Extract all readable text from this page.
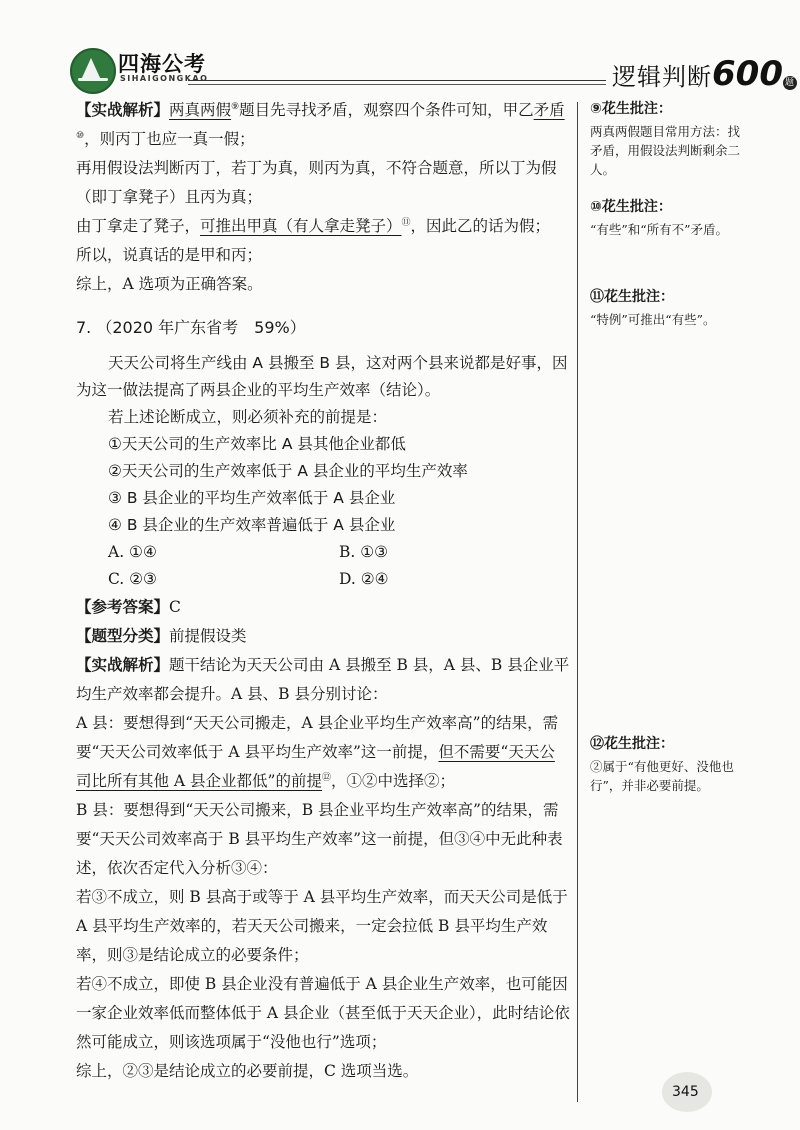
四海公考
SIHAIGONGKAO	逻辑判断600 题

【实战解析】两真两假⑨题目先寻找矛盾，观察四个条件可知，甲乙矛盾⑩，则丙丁也应一真一假；

再用假设法判断丙丁，若丁为真，则丙为真，不符合题意，所以丁为假（即丁拿凳子）且丙为真；

由丁拿走了凳子，可推出甲真（有人拿走凳子）⑪，因此乙的话为假；

所以，说真话的是甲和丙；

综上，A 选项为正确答案。

7. （2020 年广东省考　59%）

天天公司将生产线由 A 县搬至 B 县，这对两个县来说都是好事，因为这一做法提高了两县企业的平均生产效率（结论）。

若上述论断成立，则必须补充的前提是：

①天天公司的生产效率比 A 县其他企业都低

②天天公司的生产效率低于 A 县企业的平均生产效率

③ B 县企业的平均生产效率低于 A 县企业

④ B 县企业的生产效率普遍低于 A 县企业

A. ①④	B. ①③
C. ②③	D. ②④

【参考答案】C

【题型分类】前提假设类

【实战解析】题干结论为天天公司由 A 县搬至 B 县，A 县、B 县企业平均生产效率都会提升。A 县、B 县分别讨论：

A 县：要想得到“天天公司搬走，A 县企业平均生产效率高”的结果，需要“天天公司效率低于 A 县平均生产效率”这一前提，但不需要“天天公司比所有其他 A 县企业都低”的前提⑫，①②中选择②；

B 县：要想得到“天天公司搬来，B 县企业平均生产效率高”的结果，需要“天天公司效率高于 B 县平均生产效率”这一前提，但③④中无此种表述，依次否定代入分析③④：

若③不成立，则 B 县高于或等于 A 县平均生产效率，而天天公司是低于 A 县平均生产效率的，若天天公司搬来，一定会拉低 B 县平均生产效率，则③是结论成立的必要条件；

若④不成立，即使 B 县企业没有普遍低于 A 县企业生产效率，也可能因一家企业效率低而整体低于 A 县企业（甚至低于天天企业），此时结论依然可能成立，则该选项属于“没他也行”选项；

综上，②③是结论成立的必要前提，C 选项当选。

⑨花生批注：
两真两假题目常用方法：找矛盾，用假设法判断剩余二人。
⑩花生批注：
“有些”和“所有不”矛盾。
⑪花生批注：
“特例”可推出“有些”。
⑫花生批注：
②属于“有他更好、没他也行”，并非必要前提。
345
